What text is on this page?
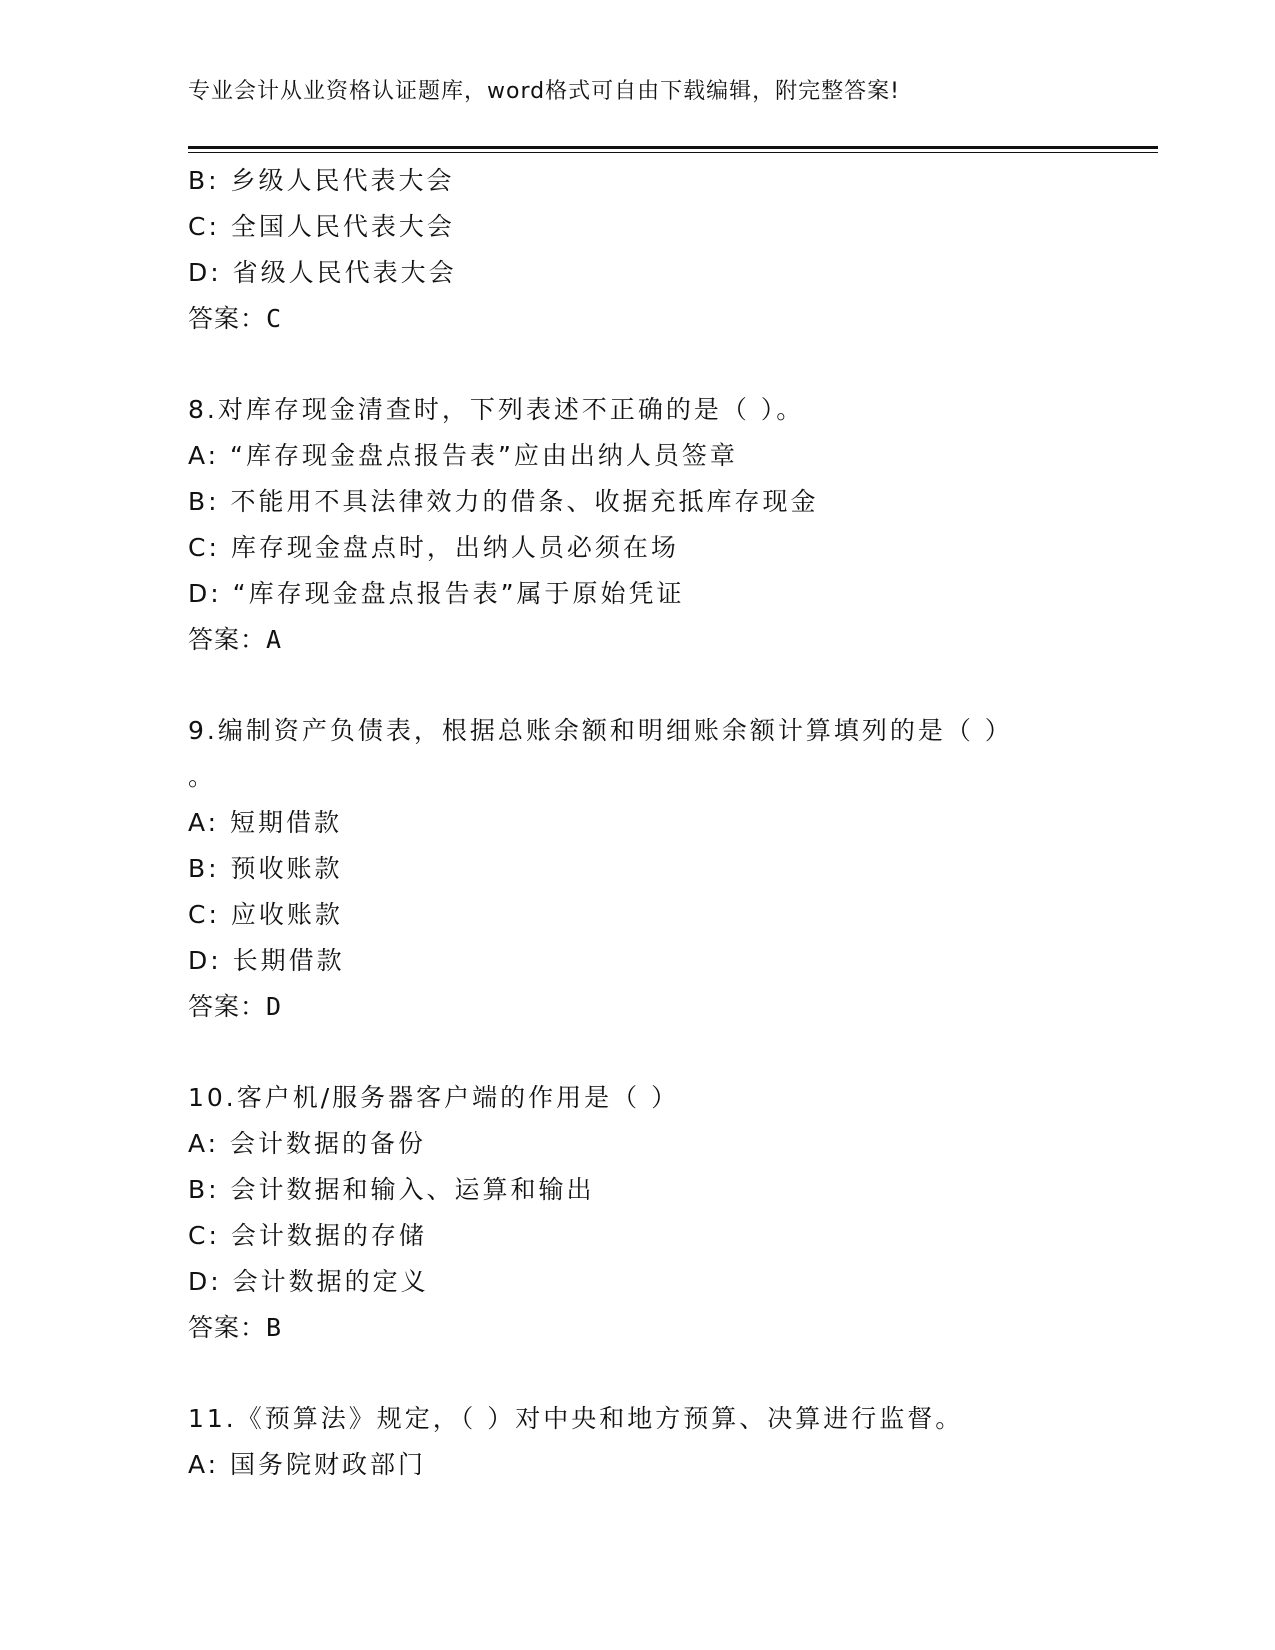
专业会计从业资格认证题库，word格式可自由下载编辑，附完整答案!
B: 乡级人民代表大会
C: 全国人民代表大会
D: 省级人民代表大会
答案：C
8.对库存现金清查时，下列表述不正确的是（ ）。
A: “库存现金盘点报告表”应由出纳人员签章
B: 不能用不具法律效力的借条、收据充抵库存现金
C: 库存现金盘点时，出纳人员必须在场
D: “库存现金盘点报告表”属于原始凭证
答案：A
9.编制资产负债表，根据总账余额和明细账余额计算填列的是（ ）
。
A: 短期借款
B: 预收账款
C: 应收账款
D: 长期借款
答案：D
10.客户机/服务器客户端的作用是（ ）
A: 会计数据的备份
B: 会计数据和输入、运算和输出
C: 会计数据的存储
D: 会计数据的定义
答案：B
11.《预算法》规定，（ ）对中央和地方预算、决算进行监督。
A: 国务院财政部门
